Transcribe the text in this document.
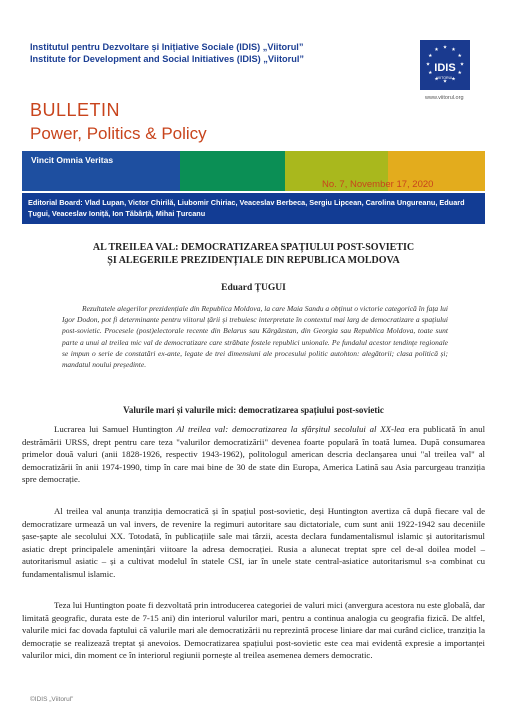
Institutul pentru Dezvoltare și Inițiative Sociale (IDIS) „Viitorul”
Institute for Development and Social Initiatives (IDIS) „Viitorul”
IDIS
VIITORUL
www.viitorul.org
BULLETIN
Power, Politics & Policy
Vincit Omnia Veritas
No. 7, November 17, 2020
Editorial Board: Vlad Lupan, Victor Chirilă, Liubomir Chiriac, Veaceslav Berbeca, Sergiu Lipcean, Carolina Ungureanu, Eduard Țugui, Veaceslav Ioniță, Ion Tăbârță, Mihai Țurcanu
AL TREILEA VAL: DEMOCRATIZAREA SPAȚIULUI POST-SOVIETIC
ȘI ALEGERILE PREZIDENȚIALE DIN REPUBLICA MOLDOVA
Eduard ȚUGUI

Rezultatele alegerilor prezidențiale din Republica Moldova, la care Maia Sandu a obținut o victorie categorică în fața lui Igor Dodon, pot fi determinante pentru viitorul țării și trebuiesc interpretate în contextul mai larg de democratizare a spațiului post-sovietic. Procesele (post)electorale recente din Belarus sau Kârgâzstan, din Georgia sau Republica Moldova, toate sunt parte a unui al treilea mic val de democratizare care străbate fostele republici unionale. Pe fundalul acestor tendințe regionale se impun o serie de constatări ex-ante, legate de trei dimensiuni ale procesului politic autohton: alegătorii; clasa politică și; mandatul noului președinte.

Valurile mari și valurile mici: democratizarea spațiului post-sovietic

Lucrarea lui Samuel Huntington Al treilea val: democratizarea la sfârșitul secolului al XX-lea era publicată în anul destrămării URSS, drept pentru care teza "valurilor democratizării" devenea foarte populară în toată lumea. După consumarea primelor două valuri (anii 1828-1926, respectiv 1943-1962), politologul american descria declanșarea unui "al treilea val" al democratizării în anii 1974-1990, timp în care mai bine de 30 de state din Europa, America Latină sau Asia parcurgeau tranziția spre democrație.

Al treilea val anunța tranziția democratică și în spațiul post-sovietic, deși Huntington avertiza că după fiecare val de democratizare urmează un val invers, de revenire la regimuri autoritare sau dictatoriale, cum sunt anii 1922-1942 sau deceniile șase-șapte ale secolului XX. Totodată, în publicațiile sale mai târzii, acesta declara fundamentalismul islamic și autoritarismul asiatic drept principalele amenințări viitoare la adresa democrației. Rusia a alunecat treptat spre cel de-al doilea model – autoritarismul asiatic – și a cultivat modelul în statele CSI, iar în unele state central-asiatice autoritarismul s-a combinat cu fundamentalismul islamic.

Teza lui Huntington poate fi dezvoltată prin introducerea categoriei de valuri mici (anvergura acestora nu este globală, dar limitată geografic, durata este de 7-15 ani) din interiorul valurilor mari, pentru a continua analogia cu geografia fizică. De altfel, valurile mici fac dovada faptului că valurile mari ale democratizării nu reprezintă procese liniare dar mai curând ciclice, tranziția la democrație se realizează treptat și anevoios. Democratizarea spațiului post-sovietic este cea mai evidentă expresie a importanței valurilor mici, din moment ce în interiorul regiunii pornește al treilea asemenea demers democratic.

©IDIS „Viitorul”
